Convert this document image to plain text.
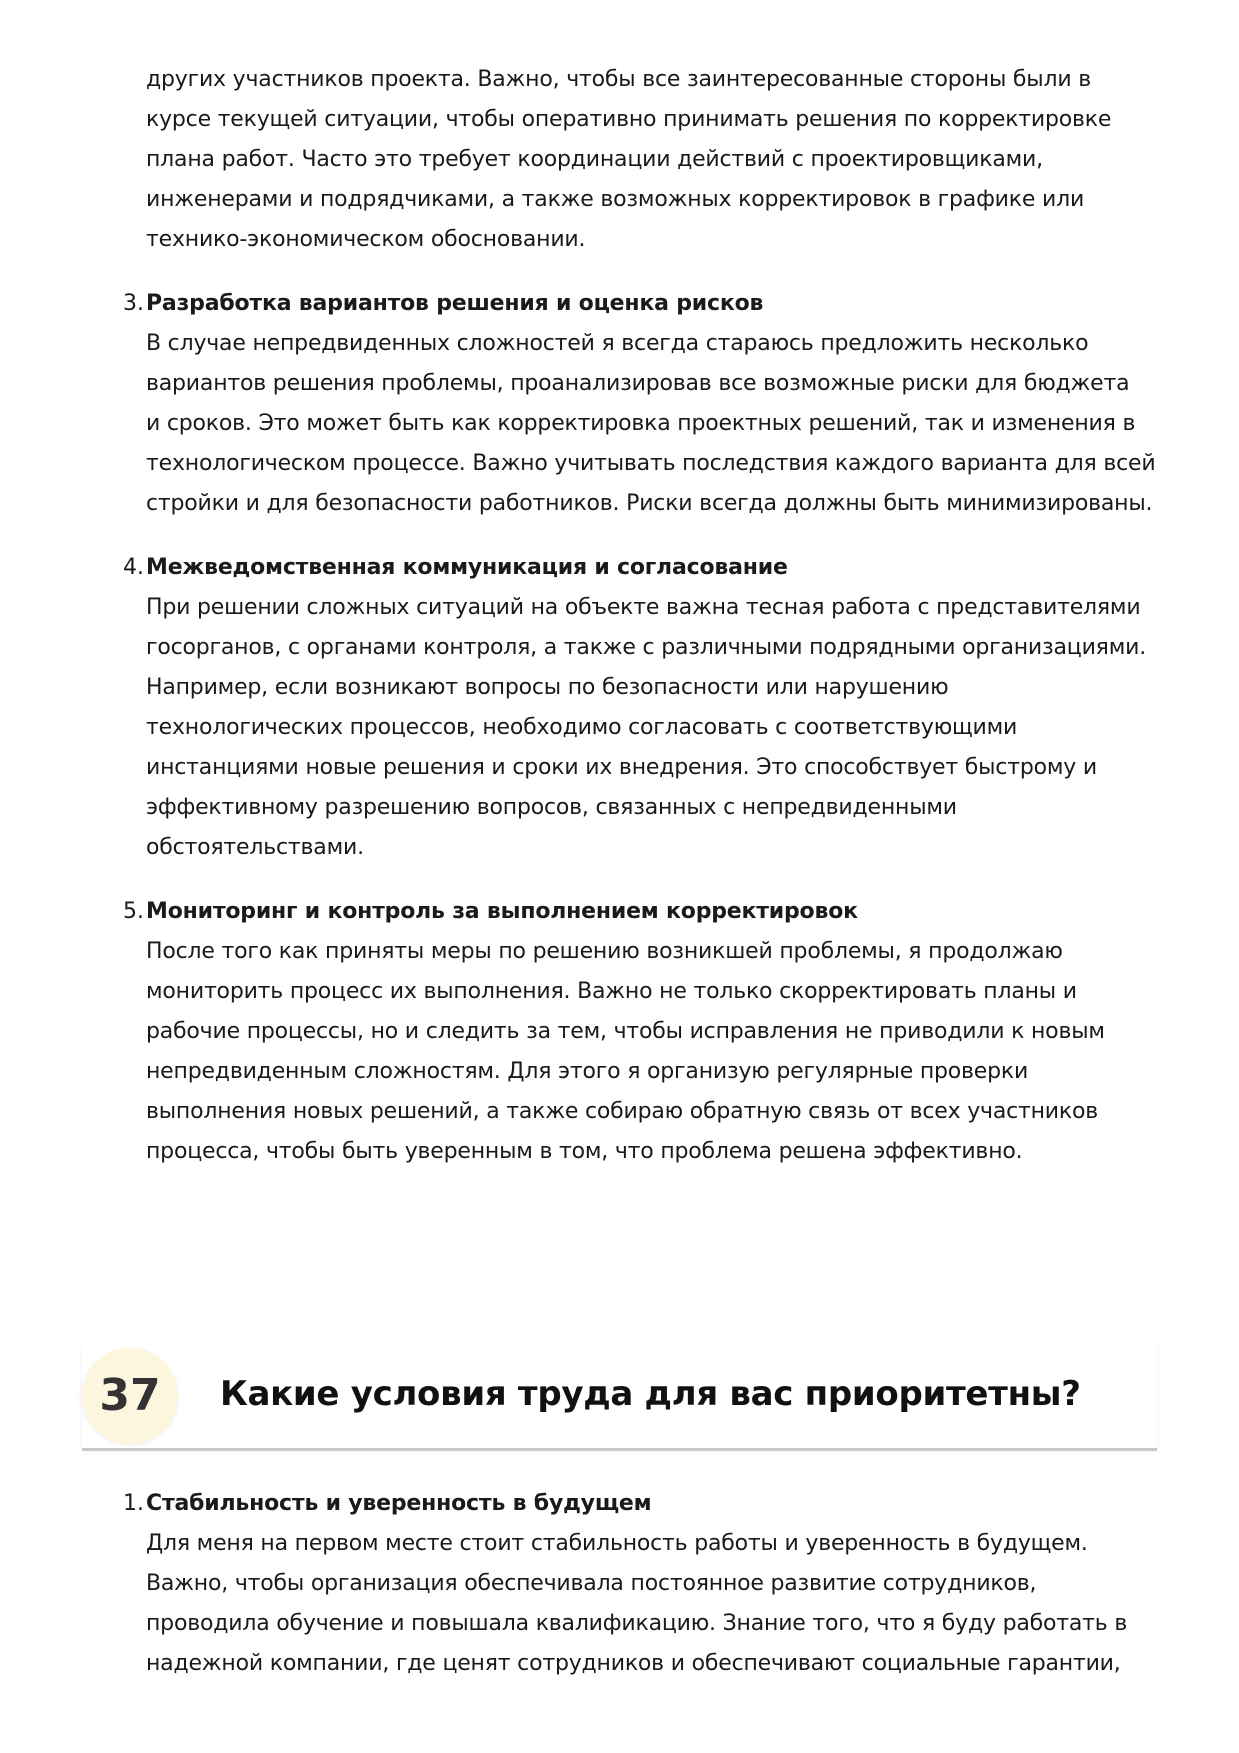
других участников проекта. Важно, чтобы все заинтересованные стороны были в
курсе текущей ситуации, чтобы оперативно принимать решения по корректировке
плана работ. Часто это требует координации действий с проектировщиками,
инженерами и подрядчиками, а также возможных корректировок в графике или
технико-экономическом обосновании.
3. Разработка вариантов решения и оценка рисков
В случае непредвиденных сложностей я всегда стараюсь предложить несколько
вариантов решения проблемы, проанализировав все возможные риски для бюджета
и сроков. Это может быть как корректировка проектных решений, так и изменения в
технологическом процессе. Важно учитывать последствия каждого варианта для всей
стройки и для безопасности работников. Риски всегда должны быть минимизированы.
4. Межведомственная коммуникация и согласование
При решении сложных ситуаций на объекте важна тесная работа с представителями
госорганов, с органами контроля, а также с различными подрядными организациями.
Например, если возникают вопросы по безопасности или нарушению
технологических процессов, необходимо согласовать с соответствующими
инстанциями новые решения и сроки их внедрения. Это способствует быстрому и
эффективному разрешению вопросов, связанных с непредвиденными
обстоятельствами.
5. Мониторинг и контроль за выполнением корректировок
После того как приняты меры по решению возникшей проблемы, я продолжаю
мониторить процесс их выполнения. Важно не только скорректировать планы и
рабочие процессы, но и следить за тем, чтобы исправления не приводили к новым
непредвиденным сложностям. Для этого я организую регулярные проверки
выполнения новых решений, а также собираю обратную связь от всех участников
процесса, чтобы быть уверенным в том, что проблема решена эффективно.
37	Какие условия труда для вас приоритетны?
1. Стабильность и уверенность в будущем
Для меня на первом месте стоит стабильность работы и уверенность в будущем.
Важно, чтобы организация обеспечивала постоянное развитие сотрудников,
проводила обучение и повышала квалификацию. Знание того, что я буду работать в
надежной компании, где ценят сотрудников и обеспечивают социальные гарантии,
